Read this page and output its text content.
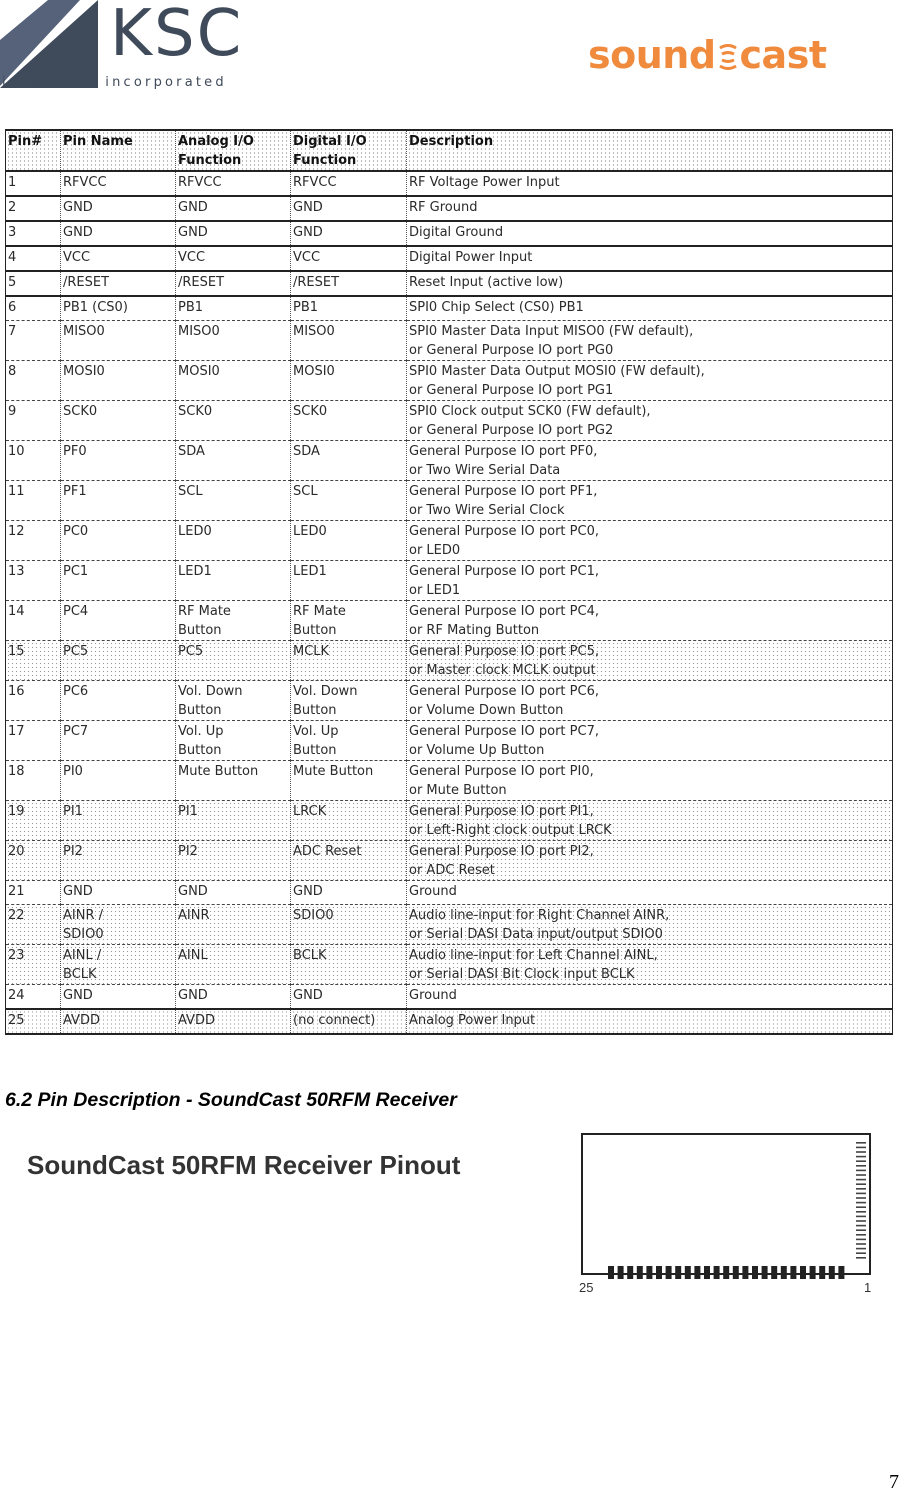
KSC
industries incorporated
sound cast
Pin#	Pin Name	Analog I/O
Function	Digital I/O
Function	Description

1	RFVCC	RFVCC	RFVCC	RF Voltage Power Input

2	GND	GND	GND	RF Ground

3	GND	GND	GND	Digital Ground

4	VCC	VCC	VCC	Digital Power Input

5	/RESET	/RESET	/RESET	Reset Input (active low)

6	PB1 (CS0)	PB1	PB1	SPI0 Chip Select (CS0) PB1

7	MISO0	MISO0	MISO0	SPI0 Master Data Input MISO0 (FW default),
or General Purpose IO port PG0

8	MOSI0	MOSI0	MOSI0	SPI0 Master Data Output MOSI0 (FW default),
or General Purpose IO port PG1

9	SCK0	SCK0	SCK0	SPI0 Clock output SCK0 (FW default),
or General Purpose IO port PG2

10	PF0	SDA	SDA	General Purpose IO port PF0,
or Two Wire Serial Data

11	PF1	SCL	SCL	General Purpose IO port PF1,
or Two Wire Serial Clock

12	PC0	LED0	LED0	General Purpose IO port PC0,
or LED0

13	PC1	LED1	LED1	General Purpose IO port PC1,
or LED1

14	PC4	RF Mate
Button	RF Mate
Button	General Purpose IO port PC4,
or RF Mating Button

15	PC5	PC5	MCLK	General Purpose IO port PC5,
or Master clock MCLK output

16	PC6	Vol. Down
Button	Vol. Down
Button	General Purpose IO port PC6,
or Volume Down Button

17	PC7	Vol. Up
Button	Vol. Up
Button	General Purpose IO port PC7,
or Volume Up Button

18	PI0	Mute Button	Mute Button	General Purpose IO port PI0,
or Mute Button

19	PI1	PI1	LRCK	General Purpose IO port PI1,
or Left-Right clock output LRCK

20	PI2	PI2	ADC Reset	General Purpose IO port PI2,
or ADC Reset

21	GND	GND	GND	Ground

22	AINR /
SDIO0	AINR	SDIO0	Audio line-input for Right Channel AINR,
or Serial DASI Data input/output SDIO0

23	AINL /
BCLK	AINL	BCLK	Audio line-input for Left Channel AINL,
or Serial DASI Bit Clock input BCLK

24	GND	GND	GND	Ground

25	AVDD	AVDD	(no connect)	Analog Power Input
6.2 Pin Description - SoundCast 50RFM Receiver
SoundCast 50RFM Receiver Pinout
25	1
7
